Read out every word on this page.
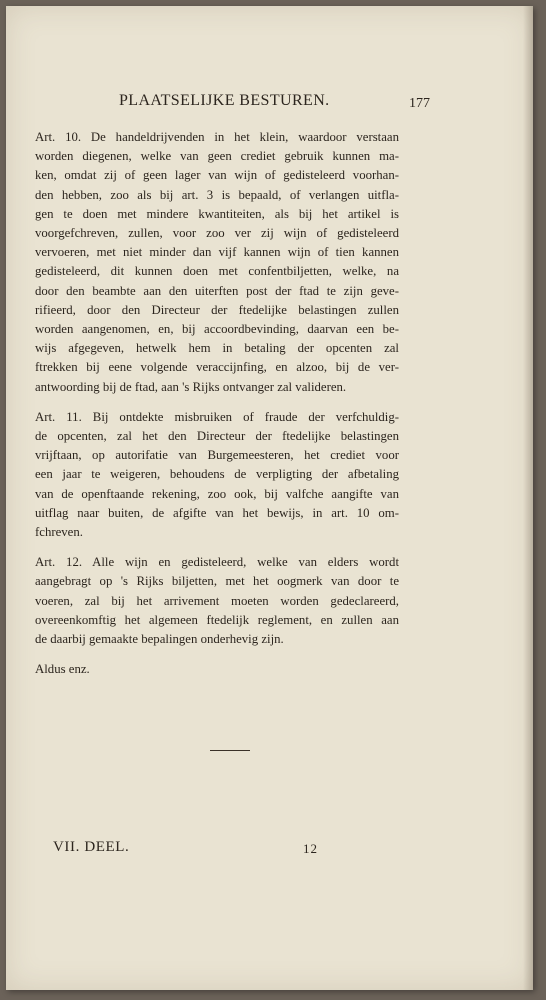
PLAATSELIJKE BESTUREN.	177
Art. 10. De handeldrijvenden in het klein, waardoor verstaan
worden diegenen, welke van geen crediet gebruik kunnen ma-
ken, omdat zij of geen lager van wijn of gedisteleerd voorhan-
den hebben, zoo als bij art. 3 is bepaald, of verlangen uitfla-
gen te doen met mindere kwantiteiten, als bij het artikel is
voorgefchreven, zullen, voor zoo ver zij wijn of gedisteleerd
vervoeren, met niet minder dan vijf kannen wijn of tien kannen
gedisteleerd, dit kunnen doen met confentbiljetten, welke, na
door den beambte aan den uiterften post der ftad te zijn geve-
rifieerd, door den Directeur der ftedelijke belastingen zullen
worden aangenomen, en, bij accoordbevinding, daarvan een be-
wijs afgegeven, hetwelk hem in betaling der opcenten zal
ftrekken bij eene volgende veraccijnfing, en alzoo, bij de ver-
antwoording bij de ftad, aan 's Rijks ontvanger zal valideren.
Art. 11. Bij ontdekte misbruiken of fraude der verfchuldig-
de opcenten, zal het den Directeur der ftedelijke belastingen
vrijftaan, op autorifatie van Burgemeesteren, het crediet voor
een jaar te weigeren, behoudens de verpligting der afbetaling
van de openftaande rekening, zoo ook, bij valfche aangifte van
uitflag naar buiten, de afgifte van het bewijs, in art. 10 om-
fchreven.
Art. 12. Alle wijn en gedisteleerd, welke van elders wordt
aangebragt op 's Rijks biljetten, met het oogmerk van door te
voeren, zal bij het arrivement moeten worden gedeclareerd,
overeenkomftig het algemeen ftedelijk reglement, en zullen aan
de daarbij gemaakte bepalingen onderhevig zijn.

Aldus enz.

VII. DEEL.	12
